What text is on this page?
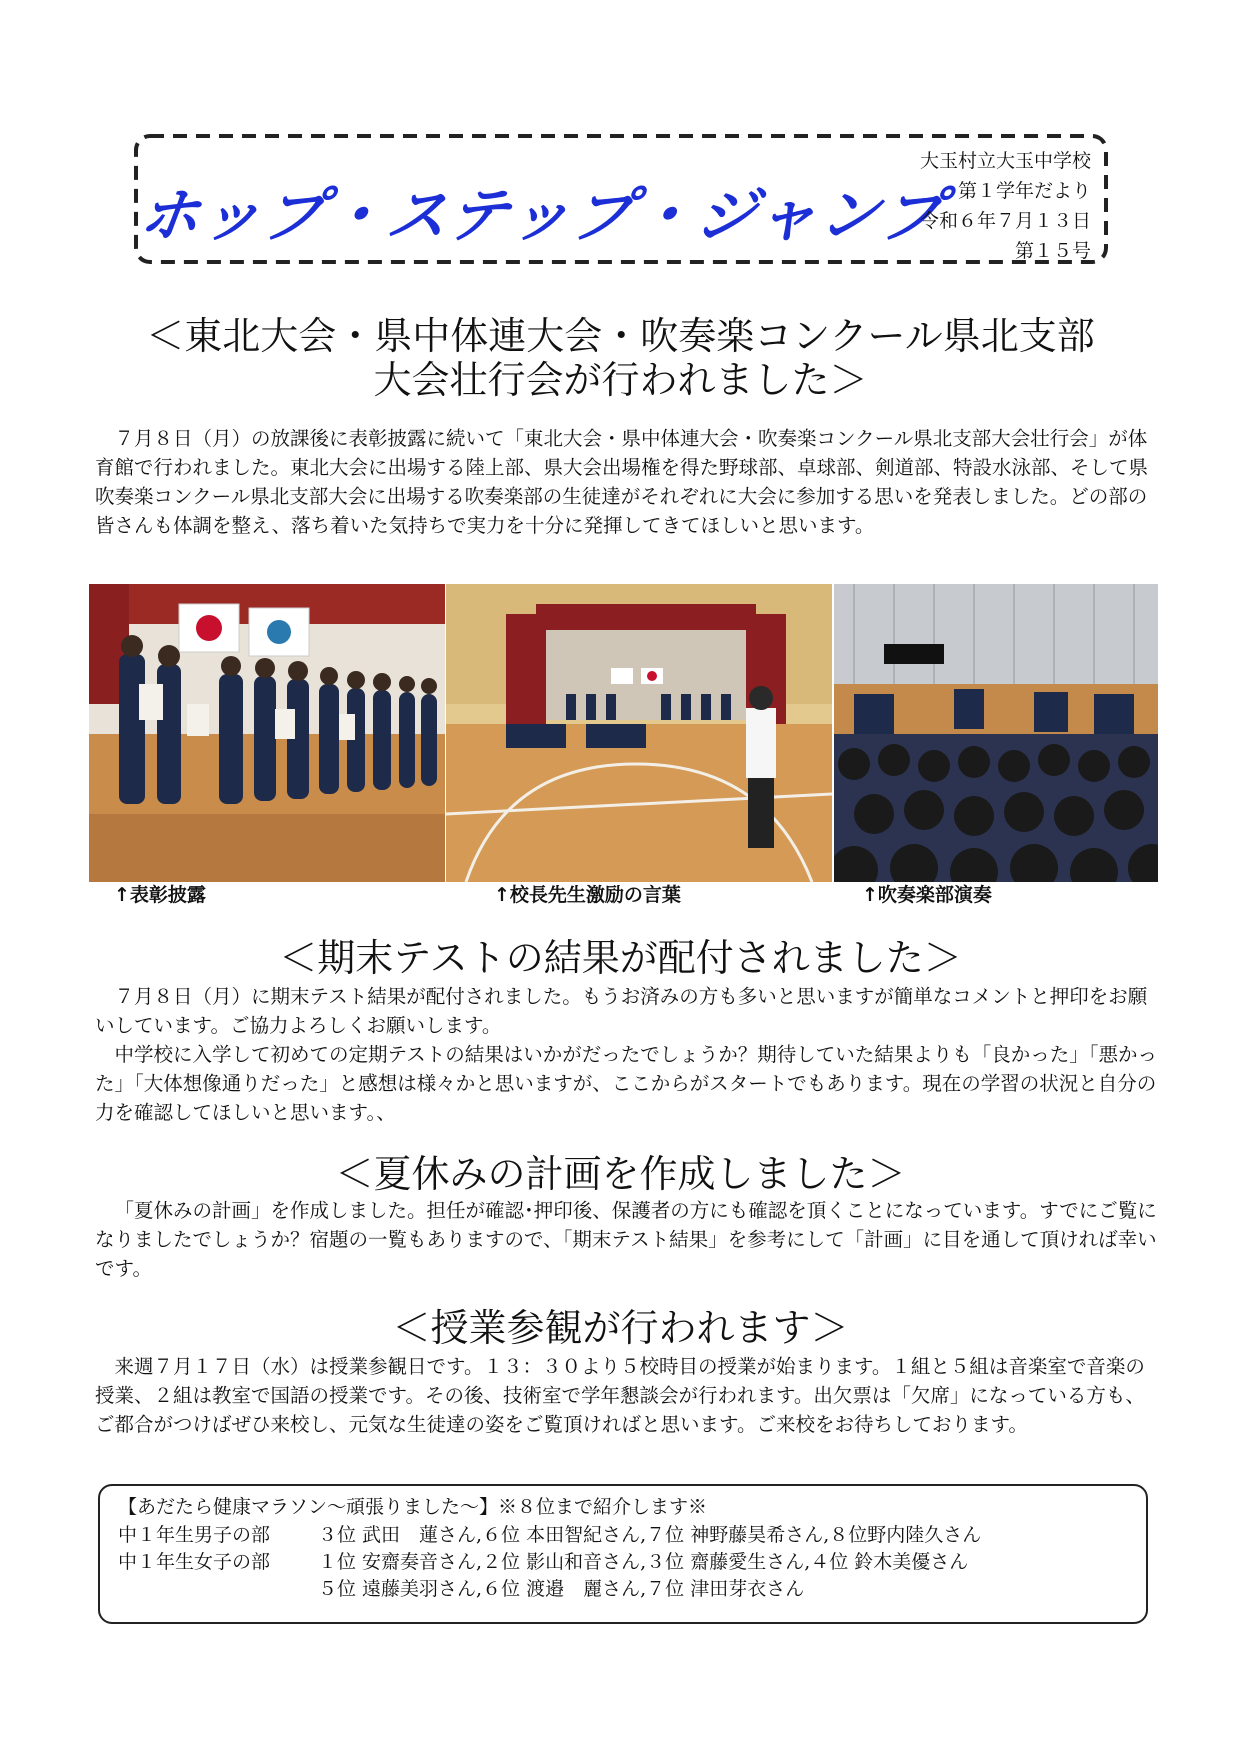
ホップ・ステップ・ジャンプ
大玉村立大玉中学校
第１学年だより
令和６年７月１３日
第１５号
＜東北大会・県中体連大会・吹奏楽コンクール県北支部
大会壮行会が行われました＞

７月８日（月）の放課後に表彰披露に続いて「東北大会・県中体連大会・吹奏楽コンクール県北支部大会壮行会」が体育館で行われました。東北大会に出場する陸上部、県大会出場権を得た野球部、卓球部、剣道部、特設水泳部、そして県吹奏楽コンクール県北支部大会に出場する吹奏楽部の生徒達がそれぞれに大会に参加する思いを発表しました。どの部の皆さんも体調を整え、落ち着いた気持ちで実力を十分に発揮してきてほしいと思います。

↑表彰披露	↑校長先生激励の言葉	↑吹奏楽部演奏
＜期末テストの結果が配付されました＞

７月８日（月）に期末テスト結果が配付されました。もうお済みの方も多いと思いますが簡単なコメントと押印をお願いしています。ご協力よろしくお願いします。

中学校に入学して初めての定期テストの結果はいかがだったでしょうか？期待していた結果よりも「良かった」「悪かった」「大体想像通りだった」と感想は様々かと思いますが、ここからがスタートでもあります。現在の学習の状況と自分の力を確認してほしいと思います。、

＜夏休みの計画を作成しました＞

「夏休みの計画」を作成しました。担任が確認･押印後、保護者の方にも確認を頂くことになっています。すでにご覧になりましたでしょうか？宿題の一覧もありますので、「期末テスト結果」を参考にして「計画」に目を通して頂ければ幸いです。

＜授業参観が行われます＞

来週７月１７日（水）は授業参観日です。１３：３０より５校時目の授業が始まります。１組と５組は音楽室で音楽の授業、２組は教室で国語の授業です。その後、技術室で学年懇談会が行われます。出欠票は「欠席」になっている方も、ご都合がつけばぜひ来校し、元気な生徒達の姿をご覧頂ければと思います。ご来校をお待ちしております。

【あだたら健康マラソン～頑張りました～】※８位まで紹介します※
中１年生男子の部	３位 武田　蓮さん,６位 本田智紀さん,７位 神野藤昊希さん,８位野内陸久さん
中１年生女子の部	１位 安齋奏音さん,２位 影山和音さん,３位 齋藤愛生さん,４位 鈴木美優さん
５位 遠藤美羽さん,６位 渡邉　麗さん,７位 津田芽衣さん
